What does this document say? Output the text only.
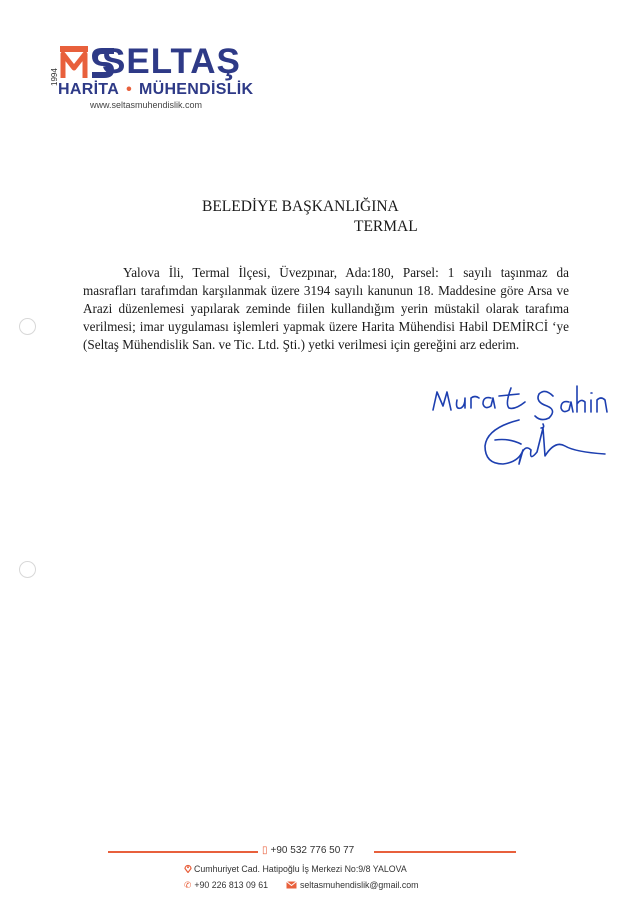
1994 SELTAŞ
HARİTA • MÜHENDİSLİK
www.seltasmuhendislik.com
BELEDİYE BAŞKANLIĞINA
TERMAL

Yalova İli, Termal İlçesi, Üvezpınar, Ada:180, Parsel: 1 sayılı taşınmaz da masrafları tarafımdan karşılanmak üzere 3194 sayılı kanunun 18. Maddesine göre Arsa ve Arazi düzenlemesi yapılarak zeminde fiilen kullandığım yerin müstakil olarak tarafıma verilmesi; imar uygulaması işlemleri yapmak üzere Harita Mühendisi Habil DEMİRCİ ‘ye (Seltaş Mühendislik San. ve Tic. Ltd. Şti.) yetki verilmesi için gereğini arz ederim.

▯ +90 532 776 50 77
Cumhuriyet Cad. Hatipoğlu İş Merkezi No:9/8 YALOVA
✆ +90 226 813 09 61	seltasmuhendislik@gmail.com
